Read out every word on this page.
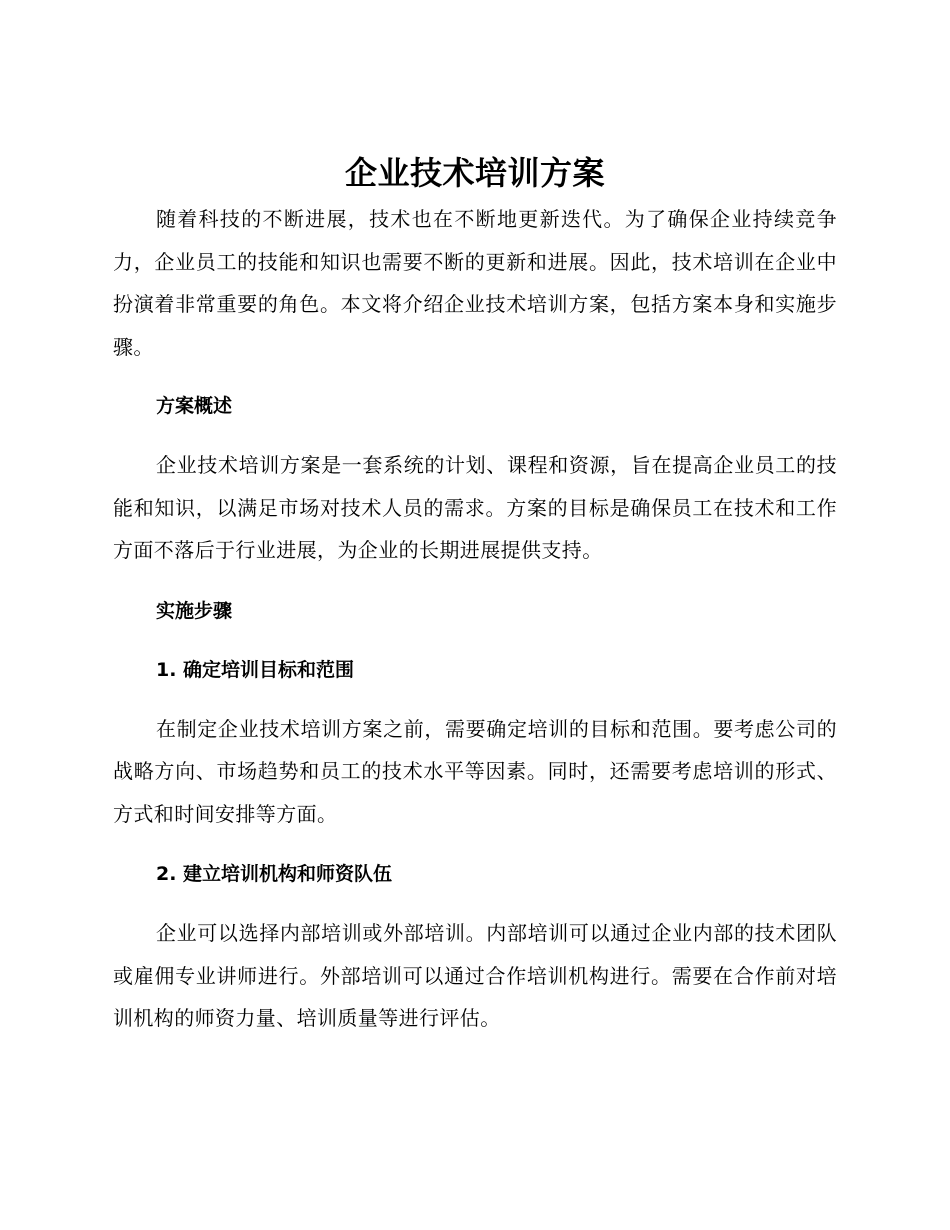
企业技术培训方案

随着科技的不断进展，技术也在不断地更新迭代。为了确保企业持续竞争力，企业员工的技能和知识也需要不断的更新和进展。因此，技术培训在企业中扮演着非常重要的角色。本文将介绍企业技术培训方案，包括方案本身和实施步骤。

方案概述

企业技术培训方案是一套系统的计划、课程和资源，旨在提高企业员工的技能和知识，以满足市场对技术人员的需求。方案的目标是确保员工在技术和工作方面不落后于行业进展，为企业的长期进展提供支持。

实施步骤
1. 确定培训目标和范围

在制定企业技术培训方案之前，需要确定培训的目标和范围。要考虑公司的战略方向、市场趋势和员工的技术水平等因素。同时，还需要考虑培训的形式、方式和时间安排等方面。

2. 建立培训机构和师资队伍

企业可以选择内部培训或外部培训。内部培训可以通过企业内部的技术团队或雇佣专业讲师进行。外部培训可以通过合作培训机构进行。需要在合作前对培训机构的师资力量、培训质量等进行评估。
